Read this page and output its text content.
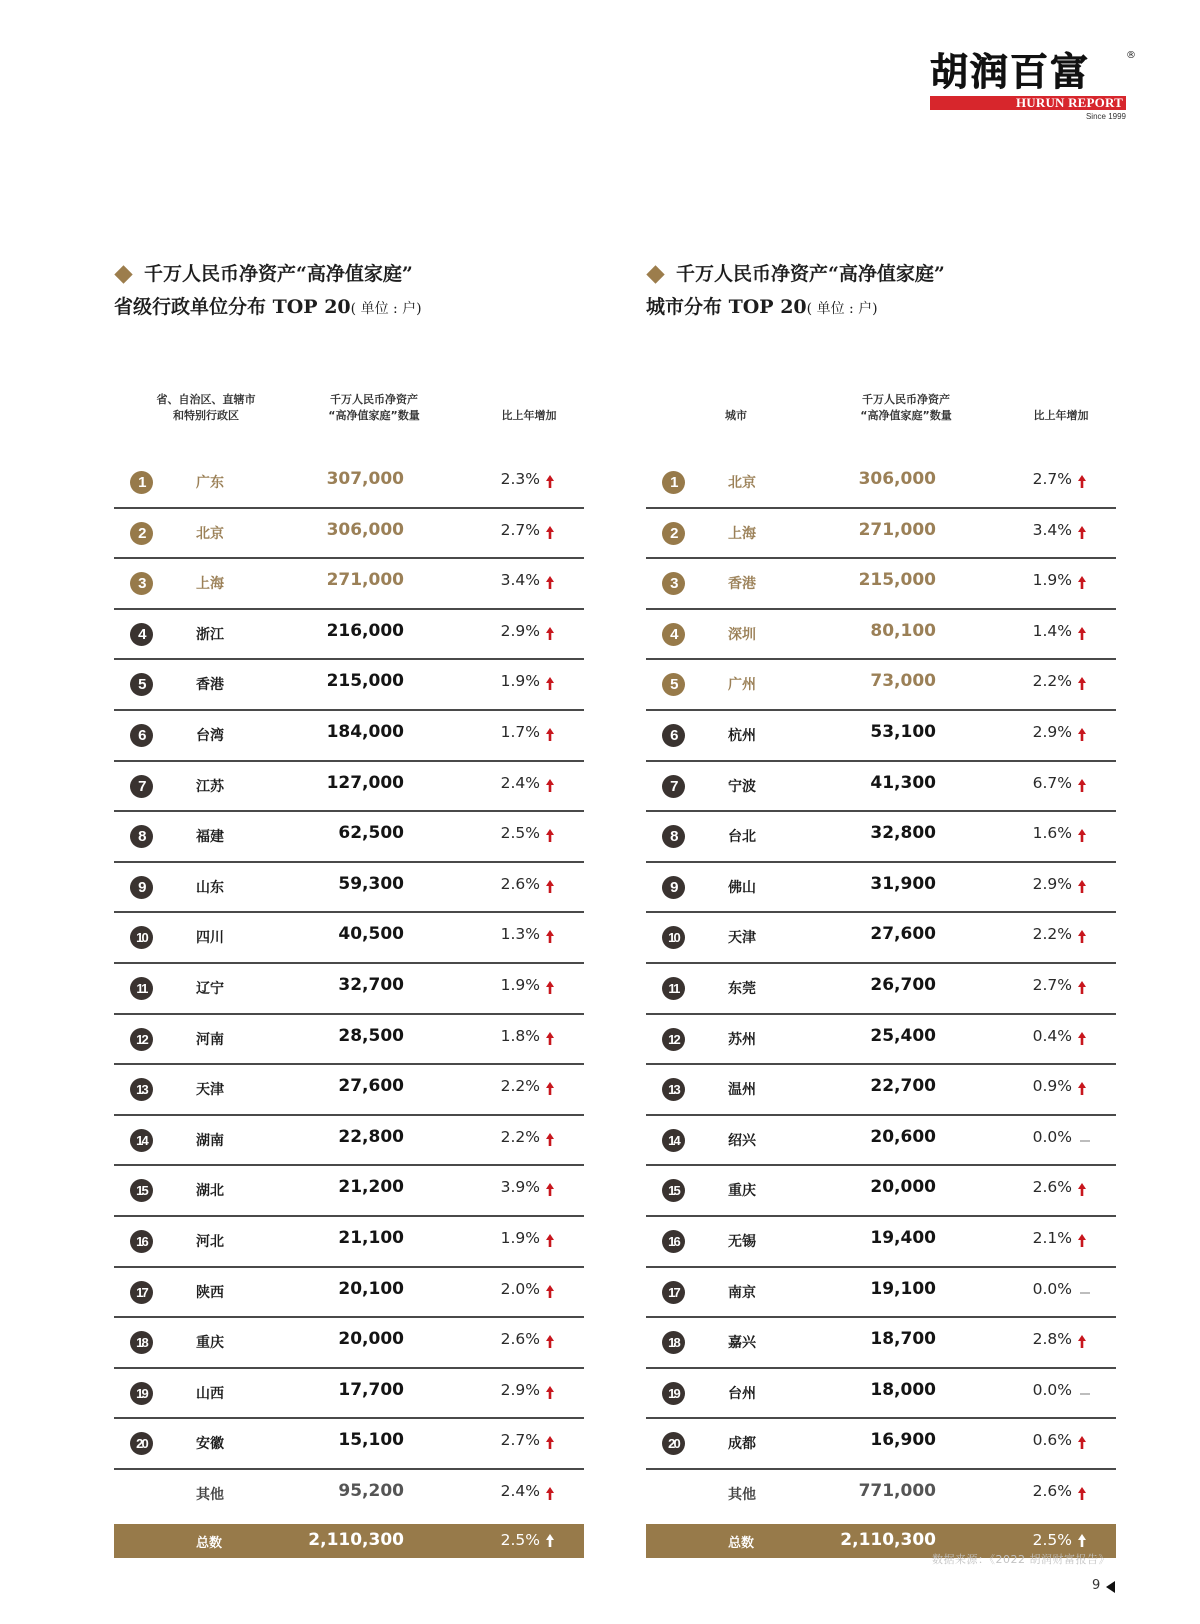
胡润百富	®
HURUN REPORT
Since 1999
千万人民币净资产“高净值家庭”
省级行政单位分布 TOP 20( 单位 : 户)
省、自治区、直辖市
和特别行政区
千万人民币净资产
“高净值家庭”数量	比上年增加
1	广东	307,000	2.3%
2	北京	306,000	2.7%
3	上海	271,000	3.4%
4	浙江	216,000	2.9%
5	香港	215,000	1.9%
6	台湾	184,000	1.7%
7	江苏	127,000	2.4%
8	福建	62,500	2.5%
9	山东	59,300	2.6%
10	四川	40,500	1.3%
11	辽宁	32,700	1.9%
12	河南	28,500	1.8%
13	天津	27,600	2.2%
14	湖南	22,800	2.2%
15	湖北	21,200	3.9%
16	河北	21,100	1.9%
17	陕西	20,100	2.0%
18	重庆	20,000	2.6%
19	山西	17,700	2.9%
20	安徽	15,100	2.7%
其他	95,200	2.4%
总数	2,110,300	2.5%
千万人民币净资产“高净值家庭”
城市分布 TOP 20( 单位 : 户)
城市
千万人民币净资产
“高净值家庭”数量	比上年增加
1	北京	306,000	2.7%
2	上海	271,000	3.4%
3	香港	215,000	1.9%
4	深圳	80,100	1.4%
5	广州	73,000	2.2%
6	杭州	53,100	2.9%
7	宁波	41,300	6.7%
8	台北	32,800	1.6%
9	佛山	31,900	2.9%
10	天津	27,600	2.2%
11	东莞	26,700	2.7%
12	苏州	25,400	0.4%
13	温州	22,700	0.9%
14	绍兴	20,600	0.0%
15	重庆	20,000	2.6%
16	无锡	19,400	2.1%
17	南京	19,100	0.0%
18	嘉兴	18,700	2.8%
19	台州	18,000	0.0%
20	成都	16,900	0.6%
其他	771,000	2.6%
总数	2,110,300	2.5%
数据来源：《2022 胡润财富报告》
9
